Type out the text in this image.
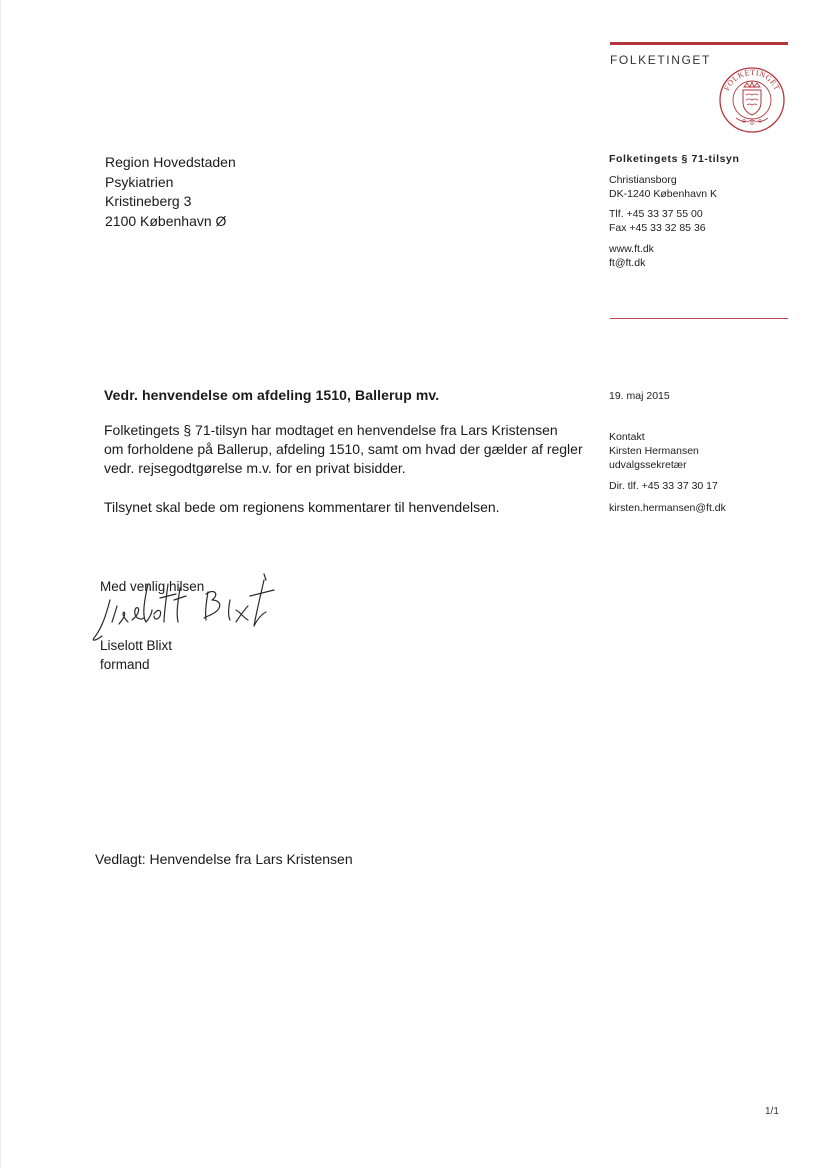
FOLKETINGET
FOLKETINGET
Region Hovedstaden
Psykiatrien
Kristineberg 3
2100 København Ø
Folketingets § 71-tilsyn
Christiansborg
DK-1240 København K
Tlf. +45 33 37 55 00
Fax +45 33 32 85 36
www.ft.dk
ft@ft.dk
19. maj 2015
Kontakt
Kirsten Hermansen
udvalgssekretær
Dir. tlf. +45 33 37 30 17
kirsten.hermansen@ft.dk
Vedr. henvendelse om afdeling 1510, Ballerup mv.
Folketingets § 71-tilsyn har modtaget en henvendelse fra Lars Kristensen
om forholdene på Ballerup, afdeling 1510, samt om hvad der gælder af regler
vedr. rejsegodtgørelse m.v. for en privat bisidder.
Tilsynet skal bede om regionens kommentarer til henvendelsen.
Med venlig hilsen
Liselott Blixt
formand
Vedlagt: Henvendelse fra Lars Kristensen
1/1
